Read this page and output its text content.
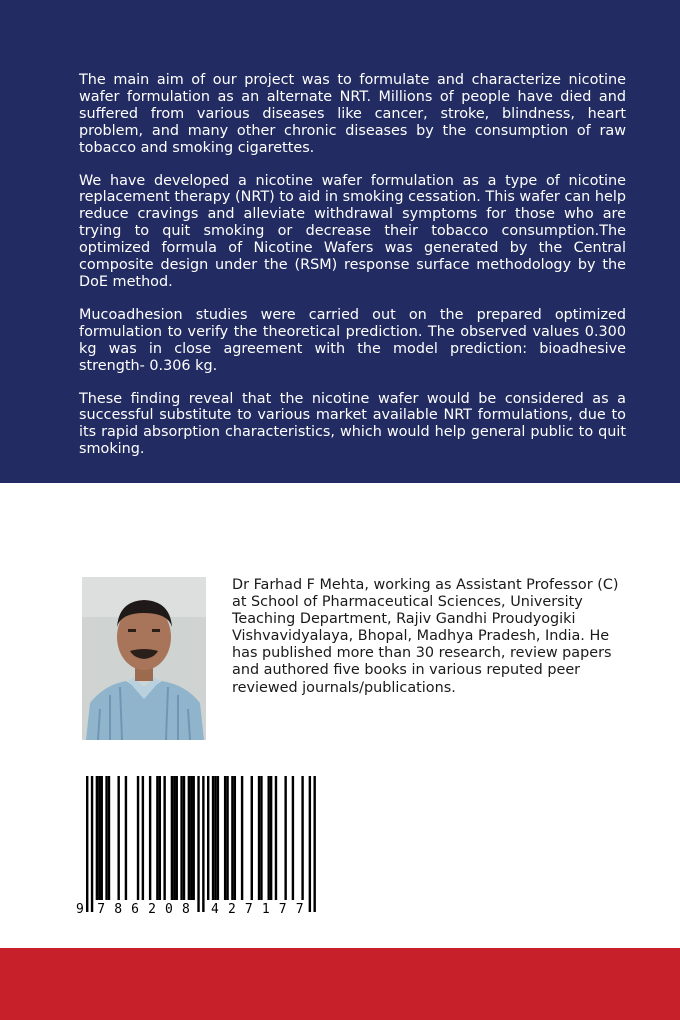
The main aim of our project was to formulate and characterize nicotine wafer formulation as an alternate NRT. Millions of people have died and suffered from various diseases like cancer, stroke, blindness, heart problem, and many other chronic diseases by the consumption of raw tobacco and smoking cigarettes.

We have developed a nicotine wafer formulation as a type of nicotine replacement therapy (NRT) to aid in smoking cessation. This wafer can help reduce cravings and alleviate withdrawal symptoms for those who are trying to quit smoking or decrease their tobacco consumption.The optimized formula of Nicotine Wafers was generated by the Central composite design under the (RSM) response surface methodology by the DoE method.

Mucoadhesion studies were carried out on the prepared optimized formulation to verify the theoretical prediction. The observed values 0.300 kg was in close agreement with the model prediction: bioadhesive strength- 0.306 kg.

These finding reveal that the nicotine wafer would be considered as a successful substitute to various market available NRT formulations, due to its rapid absorption characteristics, which would help general public to quit smoking.

Dr Farhad F Mehta, working as Assistant Professor (C) at School of Pharmaceutical Sciences, University Teaching Department, Rajiv Gandhi Proudyogiki Vishvavidyalaya, Bhopal, Madhya Pradesh, India. He has published more than 30 research, review papers and authored five books in various reputed peer reviewed journals/publications.
9 7 8 6 2 0 8 4 2 7 1 7 7
